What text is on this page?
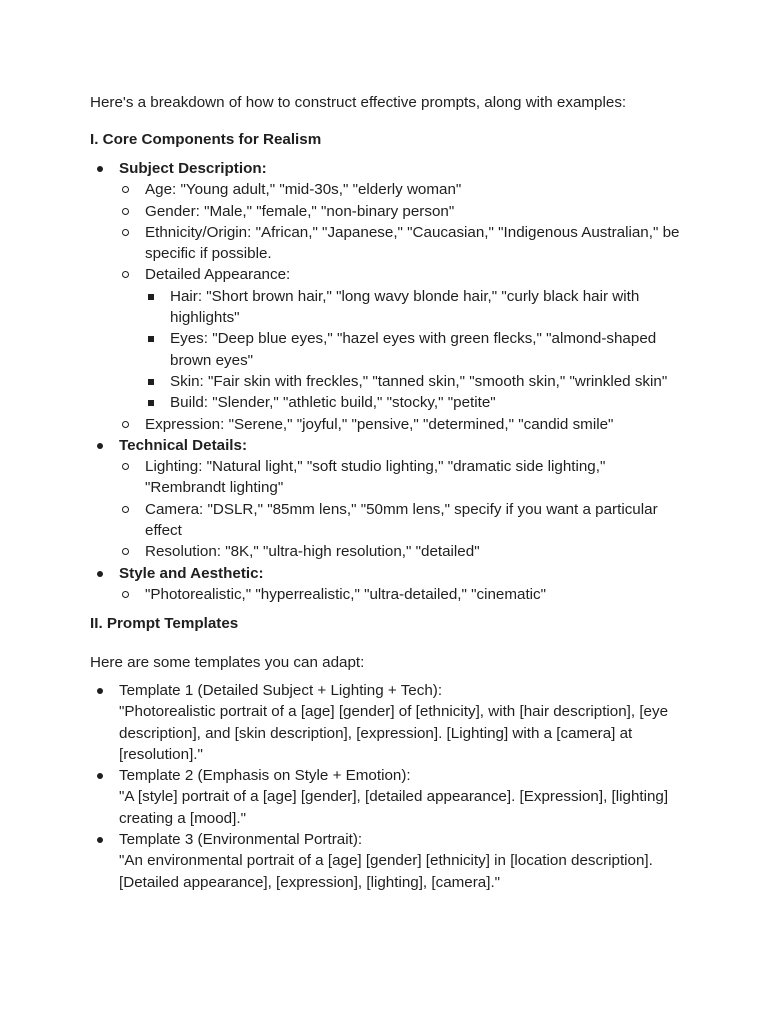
Here's a breakdown of how to construct effective prompts, along with examples:
I. Core Components for Realism
Subject Description:
Age: "Young adult," "mid-30s," "elderly woman"
Gender: "Male," "female," "non-binary person"
Ethnicity/Origin: "African," "Japanese," "Caucasian," "Indigenous Australian," be specific if possible.
Detailed Appearance:
Hair: "Short brown hair," "long wavy blonde hair," "curly black hair with highlights"
Eyes: "Deep blue eyes," "hazel eyes with green flecks," "almond-shaped brown eyes"
Skin: "Fair skin with freckles," "tanned skin," "smooth skin," "wrinkled skin"
Build: "Slender," "athletic build," "stocky," "petite"
Expression: "Serene," "joyful," "pensive," "determined," "candid smile"
Technical Details:
Lighting: "Natural light," "soft studio lighting," "dramatic side lighting," "Rembrandt lighting"
Camera: "DSLR," "85mm lens," "50mm lens," specify if you want a particular effect
Resolution: "8K," "ultra-high resolution," "detailed"
Style and Aesthetic:
"Photorealistic," "hyperrealistic," "ultra-detailed," "cinematic"
II. Prompt Templates
Here are some templates you can adapt:
Template 1 (Detailed Subject + Lighting + Tech):
"Photorealistic portrait of a [age] [gender] of [ethnicity], with [hair description], [eye description], and [skin description], [expression]. [Lighting] with a [camera] at [resolution]."
Template 2 (Emphasis on Style + Emotion):
"A [style] portrait of a [age] [gender], [detailed appearance]. [Expression], [lighting] creating a [mood]."
Template 3 (Environmental Portrait):
"An environmental portrait of a [age] [gender] [ethnicity] in [location description]. [Detailed appearance], [expression], [lighting], [camera]."
